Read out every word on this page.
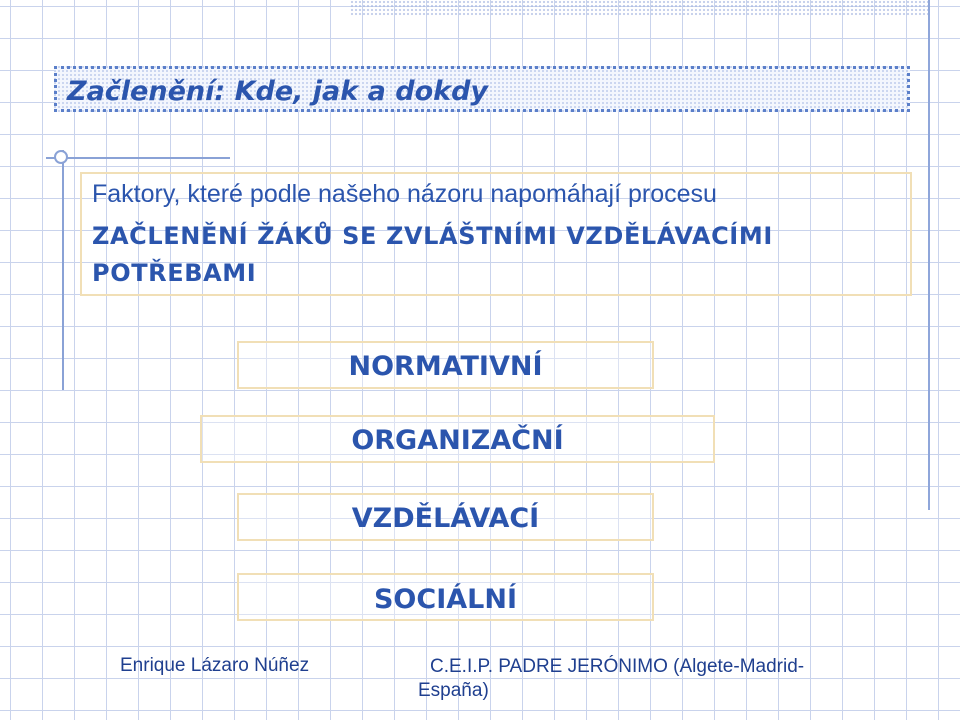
Začlenění: Kde, jak a dokdy
Faktory, které podle našeho názoru napomáhají procesu
ZAČLENĚNÍ ŽÁKŮ SE ZVLÁŠTNÍMI VZDĚLÁVACÍMI POTŘEBAMI
NORMATIVNÍ
ORGANIZAČNÍ
VZDĚLÁVACÍ
SOCIÁLNÍ
Enrique Lázaro Núñez	C.E.I.P. PADRE JERÓNIMO (Algete-Madrid-España)
